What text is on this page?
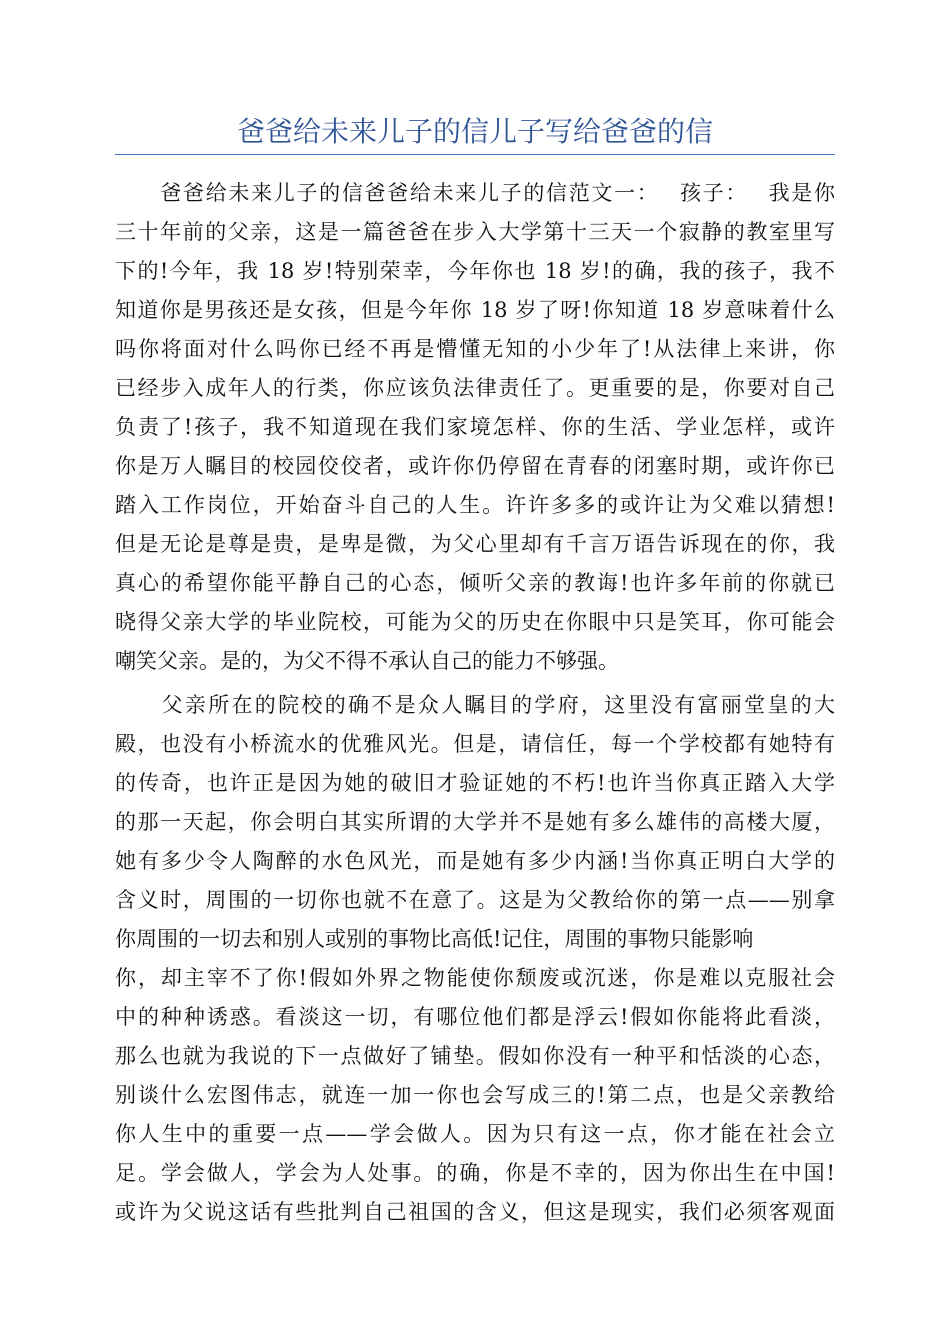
爸爸给未来儿子的信儿子写给爸爸的信
　　爸爸给未来儿子的信爸爸给未来儿子的信范文一：　 孩子：　 我是你
三十年前的父亲，这是一篇爸爸在步入大学第十三天一个寂静的教室里写
下的!今年，我 18 岁!特别荣幸，今年你也 18 岁!的确，我的孩子，我不
知道你是男孩还是女孩，但是今年你 18 岁了呀!你知道 18 岁意味着什么
吗你将面对什么吗你已经不再是懵懂无知的小少年了!从法律上来讲，你
已经步入成年人的行类，你应该负法律责任了。更重要的是，你要对自己
负责了!孩子，我不知道现在我们家境怎样、你的生活、学业怎样，或许
你是万人瞩目的校园佼佼者，或许你仍停留在青春的闭塞时期，或许你已
踏入工作岗位，开始奋斗自己的人生。许许多多的或许让为父难以猜想!
但是无论是尊是贵，是卑是微，为父心里却有千言万语告诉现在的你，我
真心的希望你能平静自己的心态，倾听父亲的教诲!也许多年前的你就已
晓得父亲大学的毕业院校，可能为父的历史在你眼中只是笑耳，你可能会
嘲笑父亲。是的，为父不得不承认自己的能力不够强。
　　父亲所在的院校的确不是众人瞩目的学府，这里没有富丽堂皇的大
殿，也没有小桥流水的优雅风光。但是，请信任，每一个学校都有她特有
的传奇，也许正是因为她的破旧才验证她的不朽!也许当你真正踏入大学
的那一天起，你会明白其实所谓的大学并不是她有多么雄伟的高楼大厦，
她有多少令人陶醉的水色风光，而是她有多少内涵!当你真正明白大学的
含义时，周围的一切你也就不在意了。这是为父教给你的第一点——别拿
你周围的一切去和别人或别的事物比高低!记住，周围的事物只能影响
你，却主宰不了你!假如外界之物能使你颓废或沉迷，你是难以克服社会
中的种种诱惑。看淡这一切，有哪位他们都是浮云!假如你能将此看淡，
那么也就为我说的下一点做好了铺垫。假如你没有一种平和恬淡的心态，
别谈什么宏图伟志，就连一加一你也会写成三的!第二点，也是父亲教给
你人生中的重要一点——学会做人。因为只有这一点，你才能在社会立
足。学会做人，学会为人处事。的确，你是不幸的，因为你出生在中国!
或许为父说这话有些批判自己祖国的含义，但这是现实，我们必须客观面
